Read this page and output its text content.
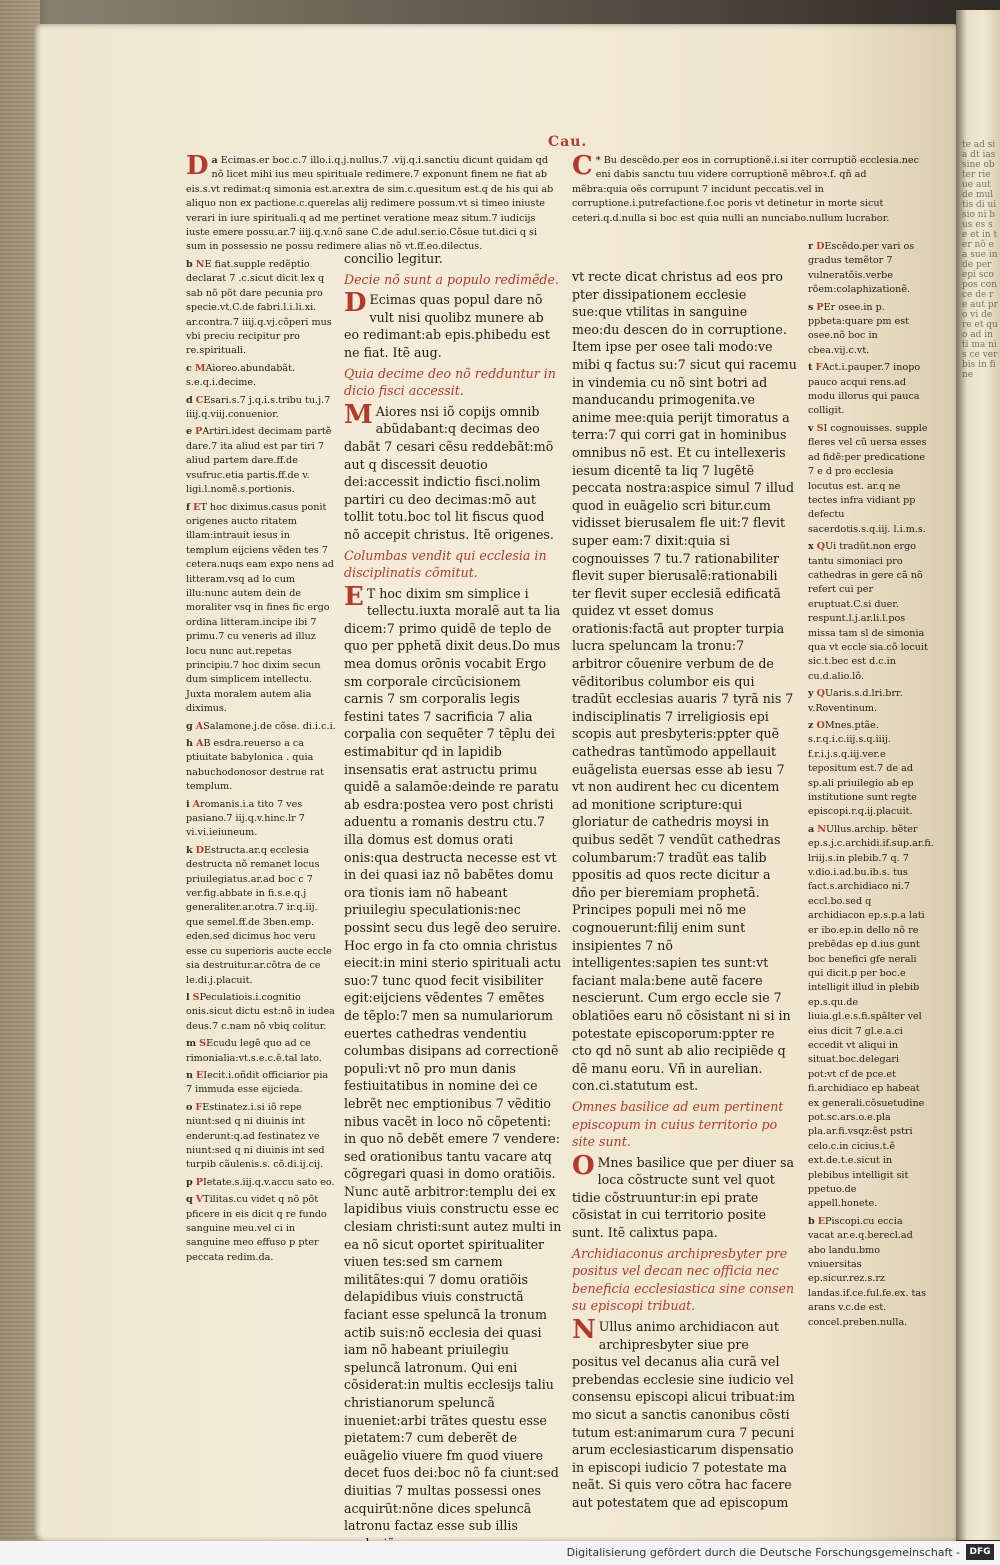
te ad sia dt ias sine ob ter rie ue aut de mul tis di ui sio ni bus es se et in ter nõ ea sue in de per epi sco pos con ce de re aut pro vi de re et quo ad in ti ma nis ce ver bis in fi ne
Cau.

a
D Ecimas.er boc.c.7 illo.i.q.j.nullus.7 .vij.q.i.sanctiu dicunt quidam qd nõ licet mihi ius meu spirituale redimere.7 exponunt finem ne fiat ab eis.s.vt redimat:q simonia est.ar.extra de sim.c.quesitum est.q de his qui ab aliquo non ex pactione.c.querelas alij redimere possum.vt si timeo iniuste verari in iure spirituali.q ad me pertinet veratione meaz situm.7 iudicijs iuste emere possu.ar.7 iiij.q.v.nõ sane C.de adul.ser.io.Cõsue tut.dici q si sum in possessio ne possu redimere alias nõ vt.ff.eo.dilectus.

*
C Bu descẽdo.per eos in corruptionẽ.i.si iter corruptiõ ecclesia.nec eni dabis sanctu tuu videre corruptionẽ mẽbroꝛ.f. qñ ad mẽbra:quia oẽs corrupunt 7 incidunt peccatis.vel in corruptione.i.putrefactione.f.oc poris vt detinetur in morte sicut ceteri.q.d.nulla si boc est quia nulli an nunciabo.nullum lucrabor.

b NE fiat.supple redẽptio declarat 7 .c.sicut dicit lex q sab nõ põt dare pecunia pro specie.vt.C.de fabri.l.i.li.xi. ar.contra.7 iiij.q.vj.cõperi mus vbi preciu recipitur pro re.spirituali.

c MAioreo.abundabãt. s.e.q.i.decime.

d CEsari.s.7 j.q.i.s.tribu tu.j.7 iiij.q.viij.conuenior.

e PArtiri.idest decimam partẽ dare.7 ita aliud est par tiri 7 aliud partem dare.ff.de vsufruc.etia partis.ff.de v. ligi.l.nomẽ.s.portionis.

f ET hoc diximus.casus ponit origenes aucto ritatem illam:intrauit iesus in templum eijciens vẽden tes 7 cetera.nuqs eam expo nens ad litteram.vsq ad lo cum illu:nunc autem dein de moraliter vsq in fines fic ergo ordina litteram.incipe ibi 7 primu.7 cu veneris ad illuz locu nunc aut.repetas principiu.7 hoc dixim secun dum simplicem intellectu. Juxta moralem autem alia diximus.

g ASalamone.j.de cõse. di.i.c.i.

h AB esdra.reuerso a ca ptiuitate babylonica . quia nabuchodonosor destrue rat templum.

i Aromanis.i.a tito 7 ves pasiano.7 iij.q.v.hinc.lr 7 vi.vi.ieiuneum.

k DEstructa.ar.q ecclesia destructa nõ remanet locus priuilegiatus.ar.ad boc c 7 ver.fig.abbate in fi.s.e.q.j generaliter.ar.otra.7 ir.q.iij. que semel.ff.de 3ben.emp. eden.sed dicimus hoc veru esse cu superioris aucte eccle sia destruitur.ar.cõtra de ce le.di.j.placuit.

l SPeculatiois.i.cognitio onis.sicut dictu est:nõ in iudea deus.7 c.nam nõ vbiq colitur.

m SEcudu legẽ quo ad ce rimonialia:vt.s.e.c.ẽ.tal lato.

n EIecit.i.oñdit officiarior pia 7 immuda esse eijcieda.

o FEstinatez.i.si iõ repe niunt:sed q ni diuinis int enderunt:q.ad festinatez ve niunt:sed q ni diuinis int sed turpib cãulenis.s. cõ.di.ij.cij.

p PIetate.s.iij.q.v.accu sato eo.

q VTilitas.cu videt q nõ põt pficere in eis dicit q re fundo sanguine meu.vel ci in sanguine meo effuso p pter peccata redim.da.

concilio legitur.

Decie nõ sunt a populo redimẽde.

D Ecimas quas popul dare nõ vult nisi quolibz munere ab eo redimant:ab epis.phibedu est ne fiat. Itẽ aug.

Quia decime deo nõ redduntur in dicio fisci accessit.

M Aiores nsi iõ copijs omnib abũdabant:q decimas deo dabãt 7 cesari cẽsu reddebãt:mõ aut q discessit deuotio dei:accessit indictio fisci.nolim partiri cu deo decimas:mõ aut tollit totu.boc tol lit fiscus quod nõ accepit christus. Itẽ origenes.

Columbas vendit qui ecclesia in disciplinatis cõmitut.

E T hoc dixim sm simplice i tellectu.iuxta moralẽ aut ta lia dicem:7 primo quidẽ de teplo de quo per pphetã dixit deus.Do mus mea domus orõnis vocabit Ergo sm corporale circũcisionem carnis 7 sm corporalis legis festini tates 7 sacrificia 7 alia corpalia con sequẽter 7 tẽplu dei estimabitur qd in lapidib insensatis erat astructu primu quidẽ a salamõe:deinde re paratu ab esdra:postea vero post christi aduentu a romanis destru ctu.7 illa domus est domus orati onis:qua destructa necesse est vt in dei quasi iaz nõ babẽtes domu ora tionis iam nõ habeant priuilegiu speculationis:nec possint secu dus legẽ deo seruire. Hoc ergo in fa cto omnia christus eiecit:in mini sterio spirituali actu suo:7 tunc quod fecit visibiliter egit:eijciens vẽdentes 7 emẽtes de tẽplo:7 men sa numulariorum euertes cathedras vendentiu columbas disipans ad correctionẽ populi:vt nõ pro mun danis festiuitatibus in nomine dei ce lebrẽt nec emptionibus 7 vẽditio nibus vacẽt in loco nõ cõpetenti: in quo nõ debẽt emere 7 vendere: sed orationibus tantu vacare atq cõgregari quasi in domo oratiõis. Nunc autẽ arbitror:templu dei ex lapidibus viuis constructu esse ec clesiam christi:sunt autez multi in ea nõ sicut oportet spiritualiter viuen tes:sed sm carnem militãtes:qui 7 domu oratiõis delapidibus viuis constructã faciant esse speluncã la tronum actib suis:nõ ecclesia dei quasi iam nõ habeant priuilegiu speluncã latronum. Qui eni cõsiderat:in multis ecclesijs taliu christianorum speluncã inueniet:arbi trãtes questu esse pietatem:7 cum deberẽt de euãgelio viuere fm quod viuere decet fuos dei:boc nõ fa ciunt:sed diuitias 7 multas possessi ones acquirũt:nõne dices speluncã latronu factaz esse sub illis

vt recte dicat christus ad eos pro pter dissipationem ecclesie sue:que vtilitas in sanguine meo:du descen do in corruptione. Item ipse per osee tali modo:ve mibi q factus su:7 sicut qui racemu in vindemia cu nõ sint botri ad manducandu primogenita.ve anime mee:quia perijt timoratus a terra:7 qui corri gat in hominibus omnibus nõ est. Et cu intellexeris iesum dicentẽ ta liq 7 lugẽtẽ peccata nostra:aspice simul 7 illud quod in euãgelio scri bitur.cum vidisset bierusalem fle uit:7 flevit super eam:7 dixit:quia si cognouisses 7 tu.7 rationabiliter flevit super bierusalẽ:rationabili ter flevit super ecclesiã edificatã quidez vt esset domus orationis:factã aut propter turpia lucra speluncam la tronu:7 arbitror cõuenire verbum de de vẽditoribus columbor eis qui tradũt ecclesias auaris 7 tyrã nis 7 indisciplinatis 7 irreligiosis epi scopis aut presbyteris:ppter quẽ cathedras tantũmodo appellauit euãgelista euersas esse ab iesu 7 vt non audirent hec cu dicentem ad monitione scripture:qui gloriatur de cathedris moysi in quibus sedẽt 7 vendũt cathedras columbarum:7 tradũt eas talib ppositis ad quos recte dicitur a dño per bieremiam prophetã. Principes populi mei nõ me cognouerunt:filij enim sunt insipientes 7 nõ intelligentes:sapien tes sunt:vt faciant mala:bene autẽ facere nescierunt. Cum ergo eccle sie 7 oblatiões earu nõ cõsistant ni si in potestate episcoporum:ppter re cto qd nõ sunt ab alio recipiẽde q dẽ manu eoru. Vñ in aurelian. con.ci.statutum est.

Omnes basilice ad eum pertinent episcopum in cuius territorio po site sunt.

O Mnes basilice que per diuer sa loca cõstructe sunt vel quot tidie cõstruuntur:in epi prate cõsistat in cui territorio posite sunt. Itẽ calixtus papa.

Archidiaconus archipresbyter pre positus vel decan nec officia nec beneficia ecclesiastica sine consen su episcopi tribuat.

N Ullus animo archidiacon aut archipresbyter siue pre positus vel decanus alia curã vel prebendas ecclesie sine iudicio vel consensu episcopi alicui tribuat:im mo sicut a sanctis canonibus cõsti tutum est:animarum cura 7 pecuni arum ecclesiasticarum dispensatio in episcopi iudicio 7 potestate ma neãt. Si quis vero cõtra hac facere aut potestatem que ad episcopum

r DEscẽdo.per vari os gradus temẽtor 7 vulneratõis.verbe rõem:colaphizationẽ.

s PEr osee.in p. ppbeta:quare pm est osee.nõ boc in cbea.vij.c.vt.

t FAct.i.pauper.7 inopo pauco acqui rens.ad modu illorus qui pauca colligit.

v SI cognouisses. supple fleres vel cũ uersa esses ad fidẽ:per predicatione 7 e d pro ecclesia locutus est. ar.q ne tectes infra vidiant pp defectu sacerdotis.s.q.iij. l.i.m.s.

x QUi tradũt.non ergo tantu simoniaci pro cathedras in gere cã nõ refert cui per eruptuat.C.si duer. respunt.l.j.ar.li.l.pos missa tam sl de simonia qua vt eccle sia.cõ locuit sic.t.bec est d.c.in cu.d.alio.lõ.

y QUaris.s.d.lri.brr. v.Roventinum.

z OMnes.ptãe. s.r.q.i.c.iij.s.q.iiij. f.r.i.j.s.q.iij.ver.e tepositum est.7 de ad sp.ali priuilegio ab ep institutione sunt regte episcopi.r.q.ij.placuit.

a NUllus.archip. bẽter ep.s.j.c.archidi.if.sup.ar.fi. lriij.s.in plebib.7 q. 7 v.dio.i.ad.bu.ib.s. tus fact.s.archidiaco ni.7 eccl.bo.sed q archidiacon ep.s.p.a lati er ibo.ep.in dello nõ re prebẽdas ep d.ius gunt boc benefici gfe nerali qui dicit.p per boc.e intelligit illud in plebib ep.s.qu.de liuia.gl.e.s.fi.spãlter vel eius dicit 7 gl.e.a.ci eccedit vt aliqui in situat.boc.delegari pot:vt cf de pce.et fi.archidiaco ep habeat ex generali.cõsuetudine pot.sc.ars.o.e.pla pla.ar.fi.vsqz:ẽst pstri celo.c.in cicius.t.ẽ ext.de.t.e.sicut in plebibus intelligit sit ppetuo.de appell.honete.

b EPiscopi.cu eccia vacat ar.e.q.berecl.ad abo landu.bmo vniuersitas ep.sicur.rez.s.rz landas.if.ce.ful.fe.ex. tas arans v.c.de est. concel.preben.nulla.

Digitalisierung gefördert durch die Deutsche Forschungsgemeinschaft -	DFG
